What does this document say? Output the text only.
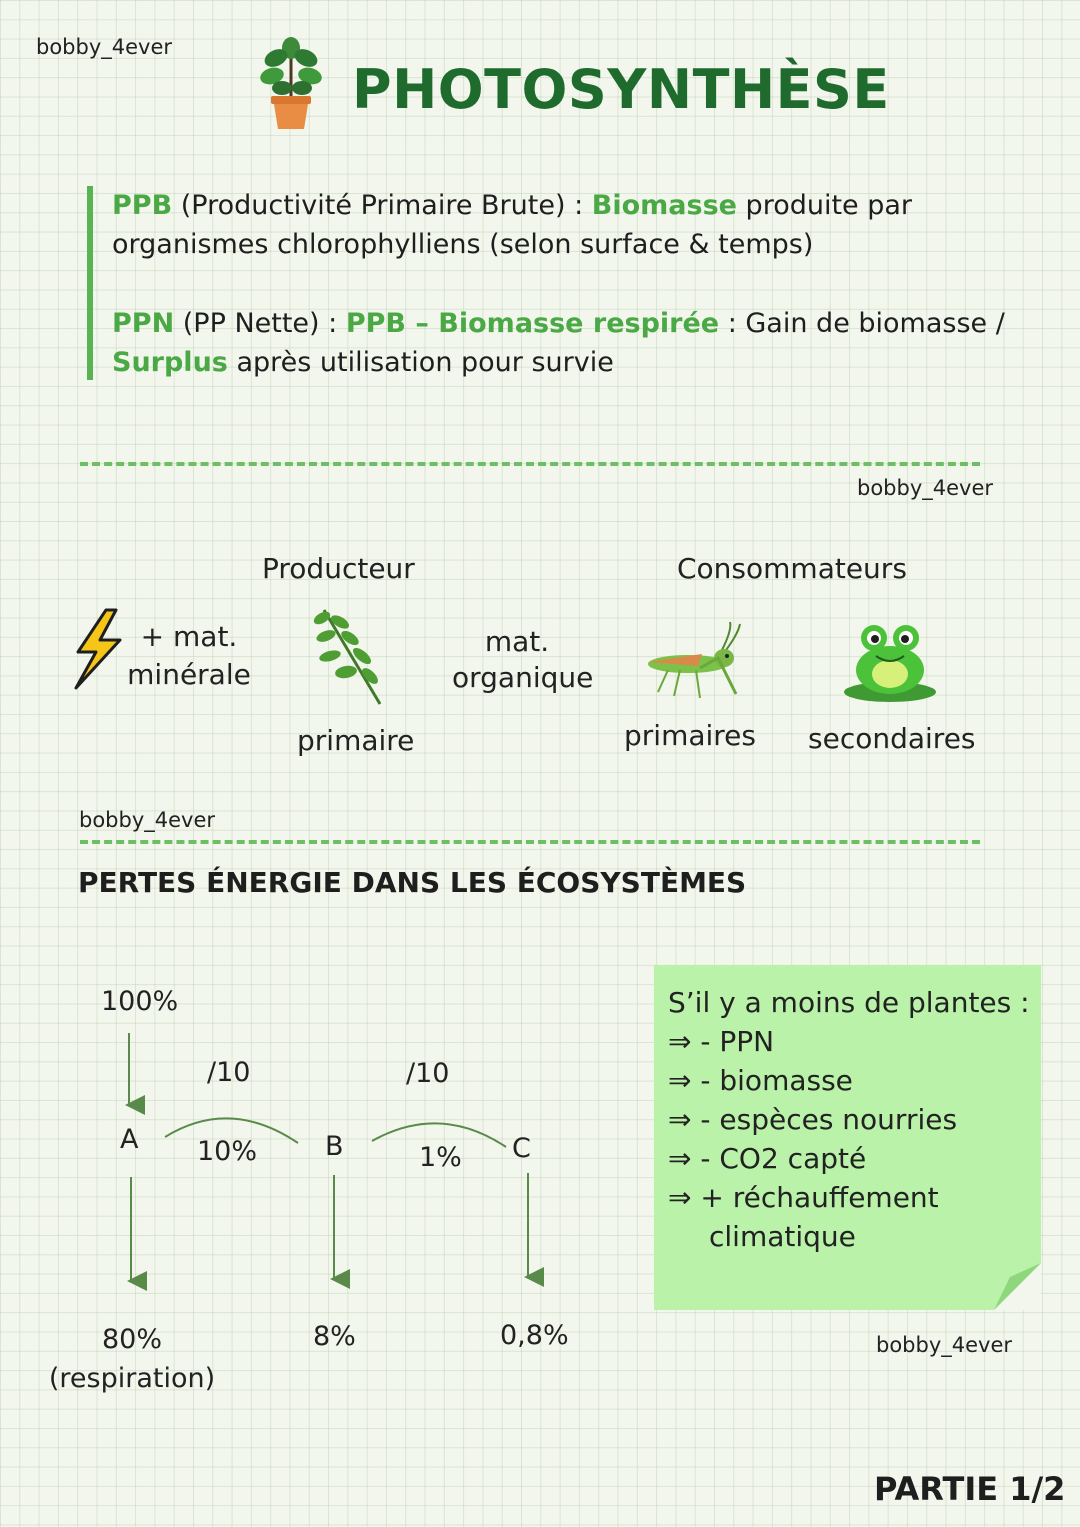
bobby_4ever
bobby_4ever
bobby_4ever
bobby_4ever
PHOTOSYNTHÈSE
PPB (Productivité Primaire Brute) : Biomasse produite par
organismes chlorophylliens (selon surface & temps)
PPN (PP Nette) : PPB – Biomasse respirée : Gain de biomasse /
Surplus après utilisation pour survie
Producteur	Consommateurs
+ mat.
minérale
primaire
mat.
organique
primaires secondaires
PERTES ÉNERGIE DANS LES ÉCOSYSTÈMES
100%
/10	/10
A 10%	B	1% C
80%
(respiration)
8%	0,8%
S’il y a moins de plantes :
⇒ - PPN
⇒ - biomasse
⇒ - espèces nourries
⇒ - CO2 capté
⇒ + réchauffement
climatique
PARTIE 1/2
